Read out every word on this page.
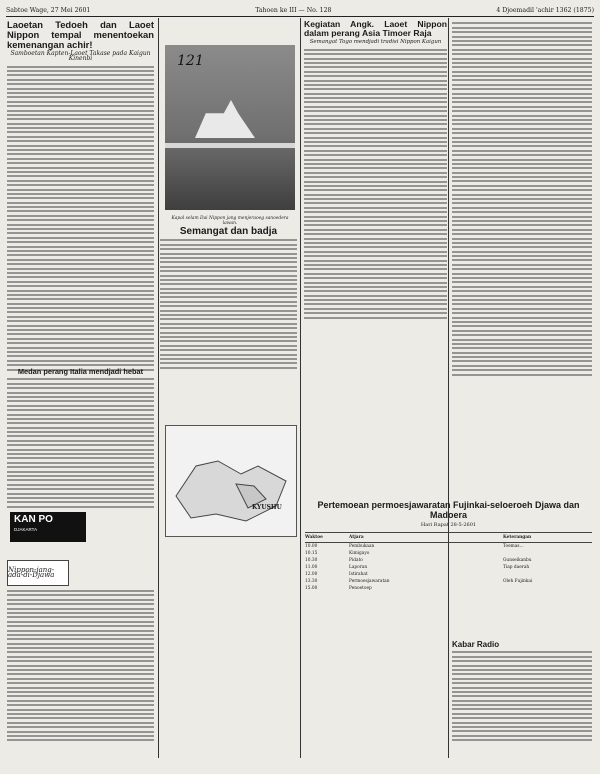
Sabtoe Wage, 27 Mei 2601	Tahoen ke III — No. 128	4 Djoemadil 'achir 1362 (1875)
Laoetan Tedoeh dan Laoet Nippon tempal menentoekan kemenangan achir!
Samboetan Kapten-Laoet Takase pada Kaigun Kinenbi
Medan perang Italia mendjadi hebat
KAN PO
DJAKARTA
Nippon-jang-ada-di-Djawa
121
Kapal selam Dai Nippon jang menjeraoeg sanoedera lawan.
Semangat dan badja
KYUSHU
Kegiatan Angk. Laoet Nippon dalam perang Asia Timoer Raja
Semangat Togo mendjadi tradisi Nippon Kaigun
Pertemoean permoesjawaratan Fujinkai-seloeroeh Djawa dan Madoera
Hari Rapat 28-5-2601
Waktoe	Atjara	Keterangan
10.00	Pembukaan	Toemas...
10.15	Kimigayo
10.30	Pidato	Gunseikanbu
11.00	Laporan	Tiap daerah
12.00	Istirahat
13.30	Permoesjawaratan	Oleh Fujinkai
15.00	Penoetoep
Kabar Radio
